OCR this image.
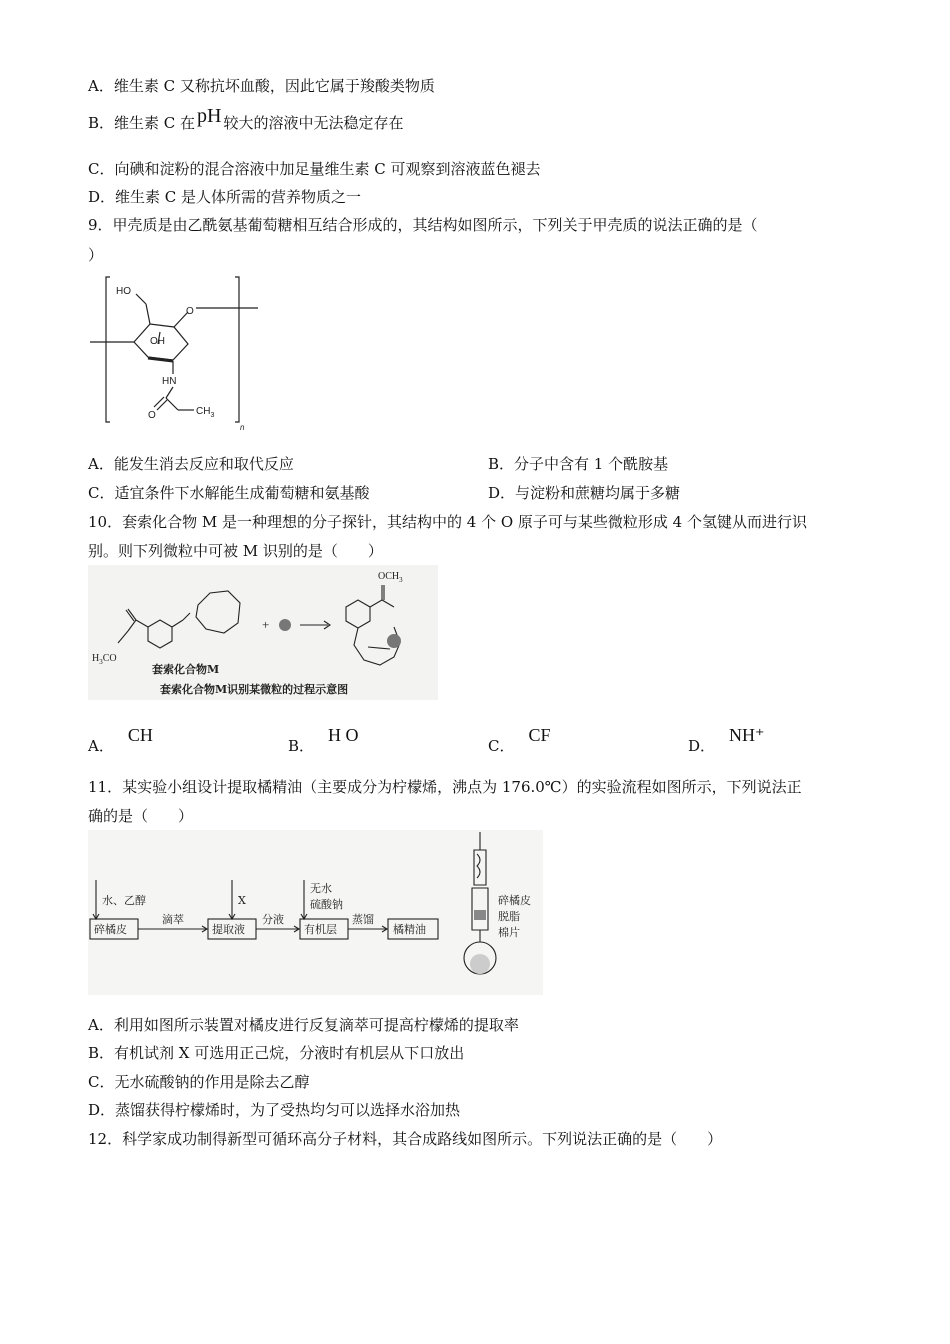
A．维生素 C 又称抗坏血酸，因此它属于羧酸类物质
B．维生素 C 在 pH 较大的溶液中无法稳定存在
C．向碘和淀粉的混合溶液中加足量维生素 C 可观察到溶液蓝色褪去
D．维生素 C 是人体所需的营养物质之一
9．甲壳质是由乙酰氨基葡萄糖相互结合形成的，其结构如图所示，下列关于甲壳质的说法正确的是（
）
HO
O
OH
HN
O	$CH_3$
n
A．能发生消去反应和取代反应	B．分子中含有 1 个酰胺基
C．适宜条件下水解能生成葡萄糖和氨基酸	D．与淀粉和蔗糖均属于多糖
10．套索化合物 M 是一种理想的分子探针，其结构中的 4 个 O 原子可与某些微粒形成 4 个氢键从而进行识
别。则下列微粒中可被 M 识别的是（　　）
$OCH_3$
$H_3CO$
+
套索化合物M
套索化合物M识别某微粒的过程示意图
A．CH
B．H O
C．CF
D．NH⁺
11．某实验小组设计提取橘精油（主要成分为柠檬烯，沸点为 176.0℃）的实验流程如图所示，下列说法正
确的是（　　）
水、乙醇	X
无水
硫酸钠
碎橘皮
滴萃
提取液
分液
有机层
蒸馏
橘精油
碎橘皮
脱脂
棉片
A．利用如图所示装置对橘皮进行反复滴萃可提高柠檬烯的提取率
B．有机试剂 X 可选用正己烷，分液时有机层从下口放出
C．无水硫酸钠的作用是除去乙醇
D．蒸馏获得柠檬烯时，为了受热均匀可以选择水浴加热
12．科学家成功制得新型可循环高分子材料，其合成路线如图所示。下列说法正确的是（　　）
